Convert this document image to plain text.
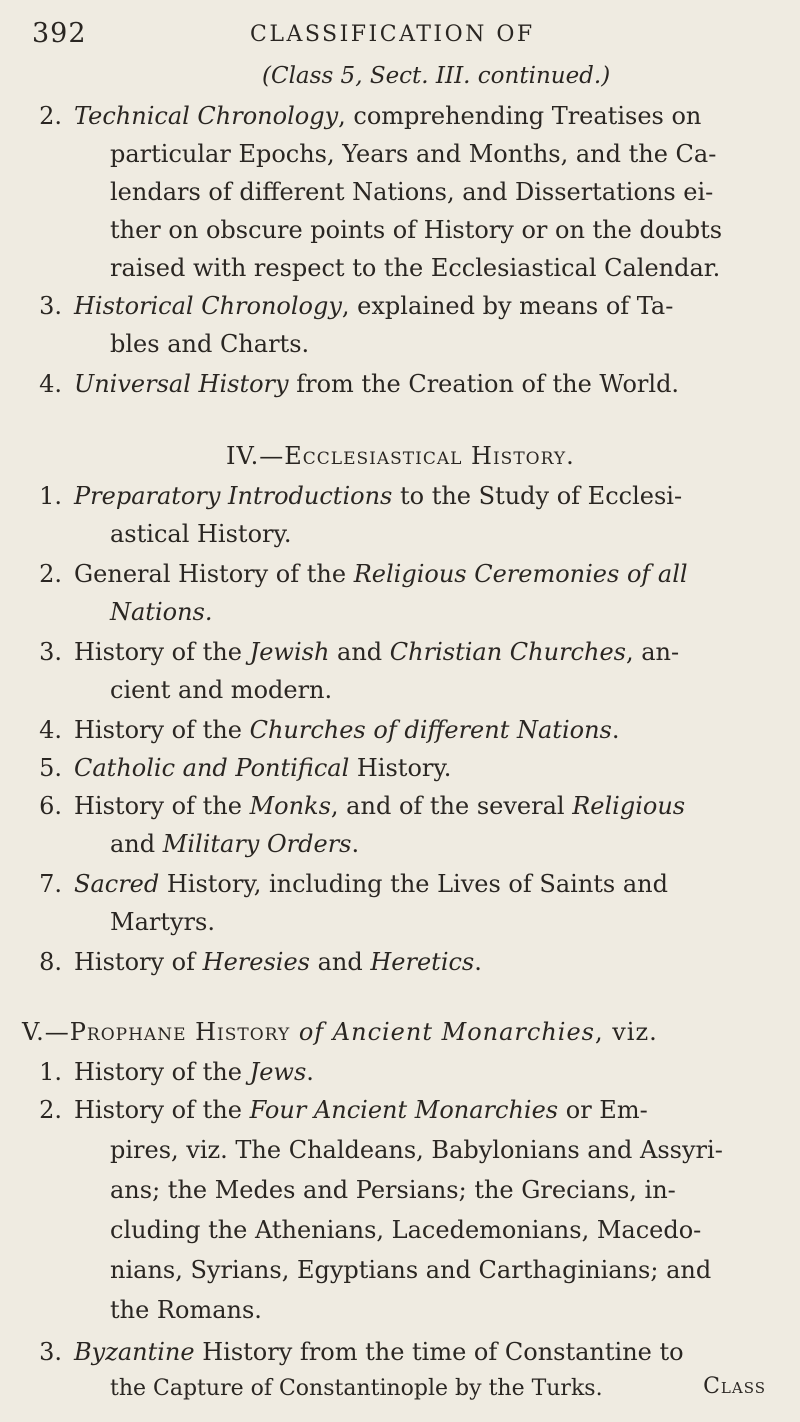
392	CLASSIFICATION OF
(Class 5, Sect. III. continued.)
2. Technical Chronology, comprehending Treatises on
particular Epochs, Years and Months, and the Ca-
lendars of different Nations, and Dissertations ei-
ther on obscure points of History or on the doubts
raised with respect to the Ecclesiastical Calendar.
3. Historical Chronology, explained by means of Ta-
bles and Charts.
4. Universal History from the Creation of the World.
IV.—Ecclesiastical History.
1. Preparatory Introductions to the Study of Ecclesi-
astical History.
2. General History of the Religious Ceremonies of all
Nations.
3. History of the Jewish and Christian Churches, an-
cient and modern.
4. History of the Churches of different Nations.
5. Catholic and Pontifical History.
6. History of the Monks, and of the several Religious
and Military Orders.
7. Sacred History, including the Lives of Saints and
Martyrs.
8. History of Heresies and Heretics.
V.—Prophane History of Ancient Monarchies, viz.
1. History of the Jews.
2. History of the Four Ancient Monarchies or Em-
pires, viz. The Chaldeans, Babylonians and Assyri-
ans; the Medes and Persians; the Grecians, in-
cluding the Athenians, Lacedemonians, Macedo-
nians, Syrians, Egyptians and Carthaginians; and
the Romans.
3. Byzantine History from the time of Constantine to
the Capture of Constantinople by the Turks.	Class
